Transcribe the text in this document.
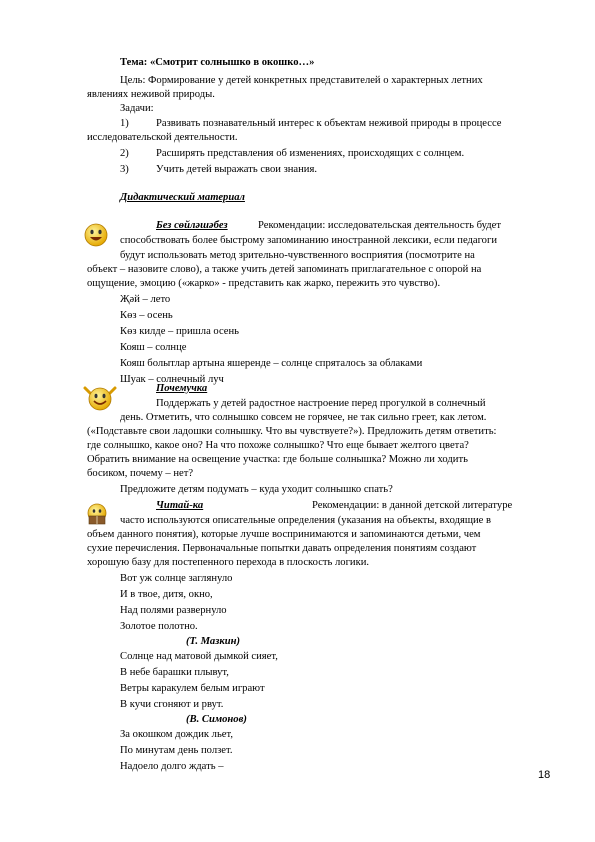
Тема: «Смотрит солнышко в окошко…»
Цель: Формирование у детей конкретных представителей о характерных летних
явлениях неживой природы.
Задачи:
1)	Развивать познавательный интерес к объектам неживой природы в процессе
исследовательской деятельности.
2)	Расширять представления об изменениях, происходящих с солнцем.
3)	Учить детей выражать свои знания.
Дидактический материал
Без сөйләшәбез	Рекомендации: исследовательская деятельность будет
способствовать более быстрому запоминанию иностранной лексики, если педагоги
будут использовать метод зрительно-чувственного восприятия (посмотрите на
объект – назовите слово), а также учить детей запоминать приглагательное с опорой на
ощущение, эмоцию («жарко» - представить как жарко, пережить это чувство).
Җәй – лето
Көз – осень
Көз килде – пришла осень
Кояш – солнце
Кояш болытлар артына яшеренде – солнце спряталось за облаками
Шуак – солнечный луч
Почемучка
Поддержать у детей радостное настроение перед прогулкой в солнечный
день. Отметить, что солнышко совсем не горячее, не так сильно греет, как летом.
(«Подставьте свои ладошки солнышку. Что вы чувствуете?»). Предложить детям ответить:
где солнышко, какое оно? На что похоже солнышко? Что еще бывает желтого цвета?
Обратить внимание на освещение участка: где больше солнышка? Можно ли ходить
босиком, почему – нет?
Предложите детям подумать – куда уходит солнышко спать?
Читай-ка	Рекомендации: в данной детской литературе
часто используются описательные определения (указания на объекты, входящие в
объем данного понятия), которые лучше воспринимаются и запоминаются детьми, чем
сухие перечисления. Первоначальные попытки давать определения понятиям создают
хорошую базу для постепенного перехода в плоскость логики.
Вот уж солнце заглянуло
И в твое, дитя, окно,
Над полями развернуло
Золотое полотно.
(Т. Мазкин)
Солнце над матовой дымкой сияет,
В небе барашки плывут,
Ветры каракулем белым играют
В кучи сгоняют и рвут.
(В. Симонов)
За окошком дождик льет,
По минутам день ползет.
Надоело долго ждать –
18
